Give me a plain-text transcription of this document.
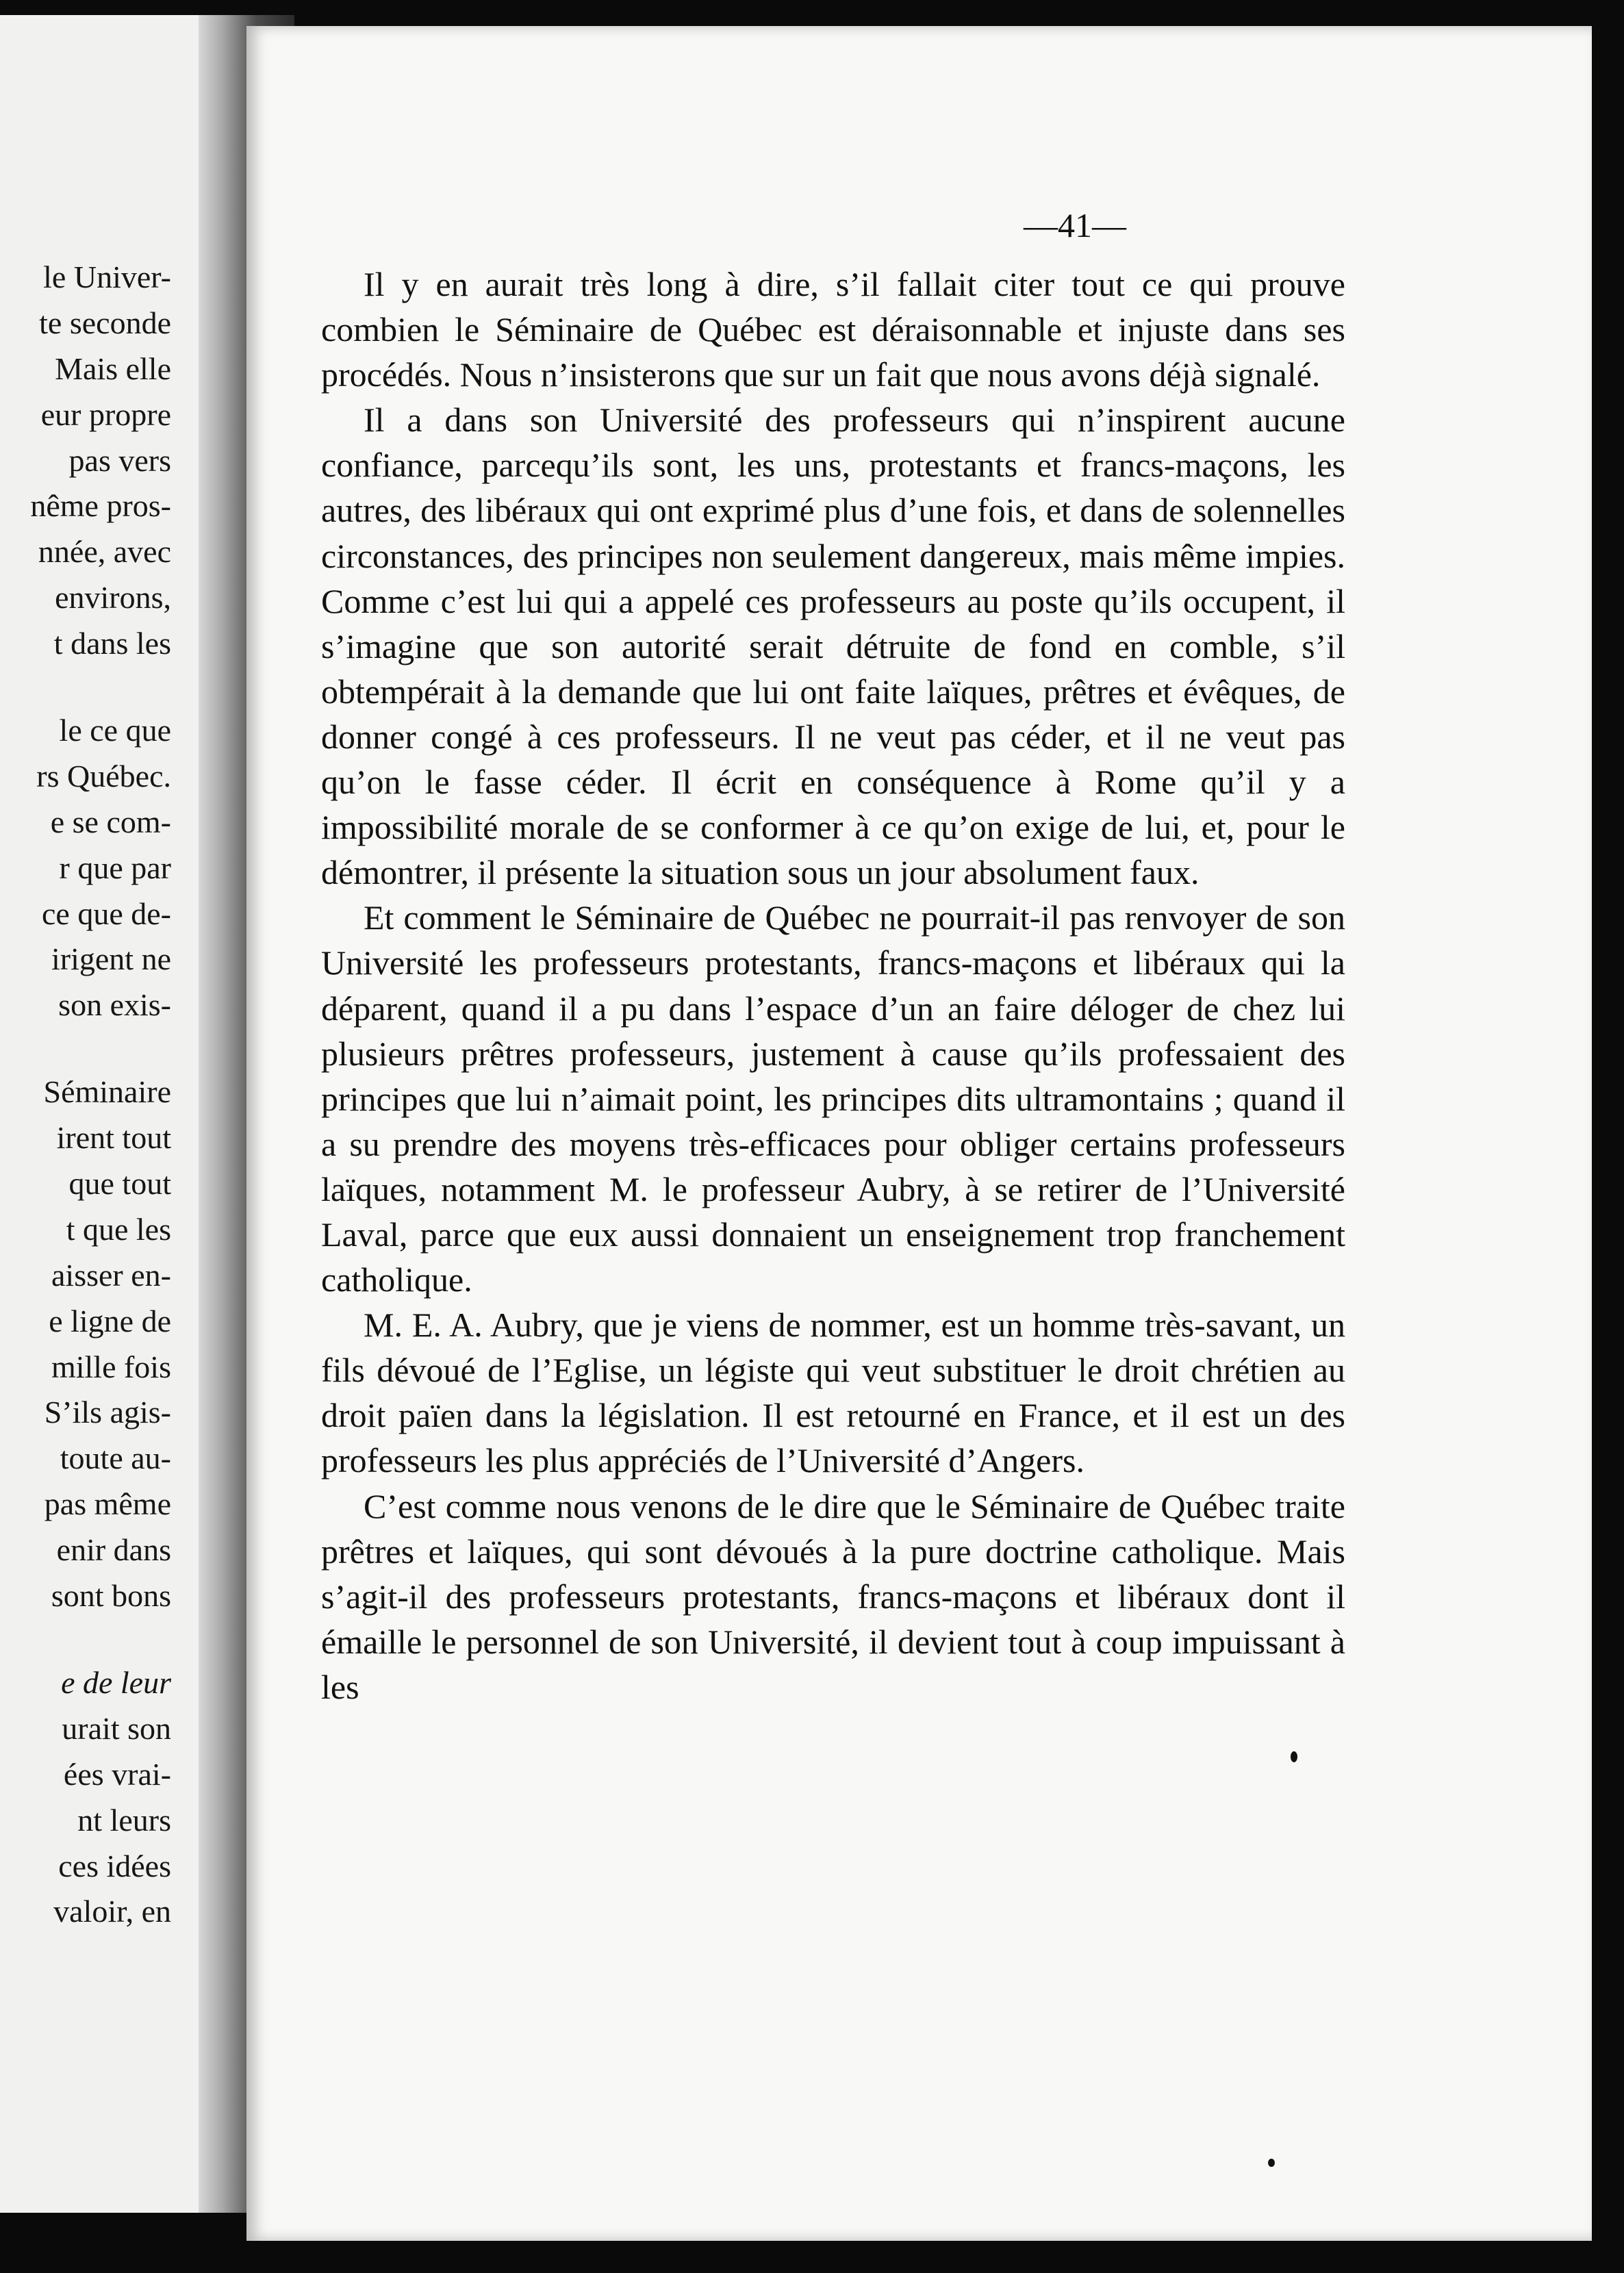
le Univer-
te seconde
Mais elle
eur propre
pas vers
nême pros-
nnée, avec
environs,
t dans les
le ce que
rs Québec.
e se com-
r que par
ce que de-
irigent ne
son exis-
Séminaire
irent tout
que tout
t que les
aisser en-
e ligne de
mille fois
S’ils agis-
toute au-
pas même
enir dans
sont bons
e de leur
urait son
ées vrai-
nt leurs
ces idées
valoir, en
—41—

Il y en aurait très long à dire, s’il fallait citer tout ce qui prouve combien le Séminaire de Québec est déraisonnable et injuste dans ses procédés. Nous n’insisterons que sur un fait que nous avons déjà signalé.

Il a dans son Université des professeurs qui n’inspirent aucune confiance, parcequ’ils sont, les uns, protestants et francs-maçons, les autres, des libéraux qui ont exprimé plus d’une fois, et dans de solennelles circonstances, des principes non seulement dangereux, mais même impies. Comme c’est lui qui a appelé ces professeurs au poste qu’ils occupent, il s’imagine que son autorité serait détruite de fond en comble, s’il obtempérait à la demande que lui ont faite laïques, prêtres et évêques, de donner congé à ces professeurs. Il ne veut pas céder, et il ne veut pas qu’on le fasse céder. Il écrit en conséquence à Rome qu’il y a impossibilité morale de se conformer à ce qu’on exige de lui, et, pour le démontrer, il présente la situation sous un jour absolument faux.

Et comment le Séminaire de Québec ne pourrait-il pas renvoyer de son Université les professeurs protestants, francs-maçons et libéraux qui la déparent, quand il a pu dans l’espace d’un an faire déloger de chez lui plusieurs prêtres professeurs, justement à cause qu’ils professaient des principes que lui n’aimait point, les principes dits ultramontains ; quand il a su prendre des moyens très-efficaces pour obliger certains professeurs laïques, notamment M. le professeur Aubry, à se retirer de l’Université Laval, parce que eux aussi donnaient un enseignement trop franchement catholique.

M. E. A. Aubry, que je viens de nommer, est un homme très-savant, un fils dévoué de l’Eglise, un légiste qui veut substituer le droit chrétien au droit païen dans la législation. Il est retourné en France, et il est un des professeurs les plus appréciés de l’Université d’Angers.

C’est comme nous venons de le dire que le Séminaire de Québec traite prêtres et laïques, qui sont dévoués à la pure doctrine catholique. Mais s’agit-il des professeurs protestants, francs-maçons et libéraux dont il émaille le personnel de son Université, il devient tout à coup impuissant à les
